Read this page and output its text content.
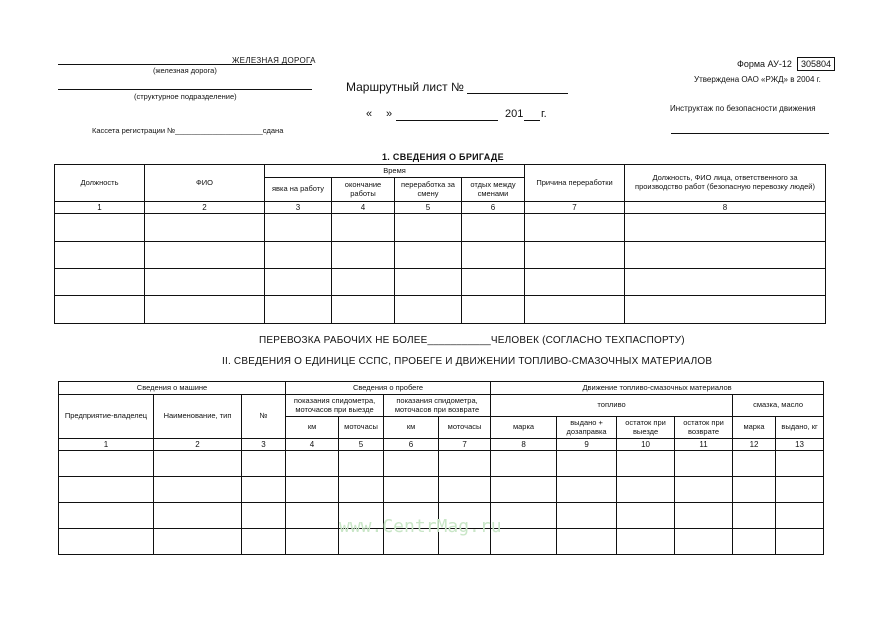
ЖЕЛЕЗНАЯ ДОРОГА
(железная дорога)
(структурное подразделение)
Кассета регистрации №_____________________сдана
Маршрутный лист №
« »	201 г.
Форма АУ-12	305804
Утверждена ОАО «РЖД» в 2004 г.
Инструктаж по безопасности движения
1. СВЕДЕНИЯ О БРИГАДЕ
Должность	ФИО	Время				Причина переработки	Должность, ФИО лица, ответственного за производство работ (безопасную перевозку людей)
		явка на работу	окончание работы	переработка за смену	отдых между сменами		
1	2	3	4	5	6	7	8

ПЕРЕВОЗКА РАБОЧИХ НЕ БОЛЕЕ___________ЧЕЛОВЕК (СОГЛАСНО ТЕХПАСПОРТУ)
II. СВЕДЕНИЯ О ЕДИНИЦЕ ССПС, ПРОБЕГЕ И ДВИЖЕНИИ ТОПЛИВО-СМАЗОЧНЫХ МАТЕРИАЛОВ
Сведения о машине			Сведения о пробеге				Движение топливо-смазочных материалов					
Предприятие-владелец	Наименование, тип	№	показания спидометра, моточасов при выезде		показания спидометра, моточасов при возврате		топливо				смазка, масло	
			км	моточасы	км	моточасы	марка	выдано + дозаправка	остаток при выезде	остаток при возврате	марка	выдано, кг
1	2	3	4	5	6	7	8	9	10	11	12	13

www.CentrMag.ru
